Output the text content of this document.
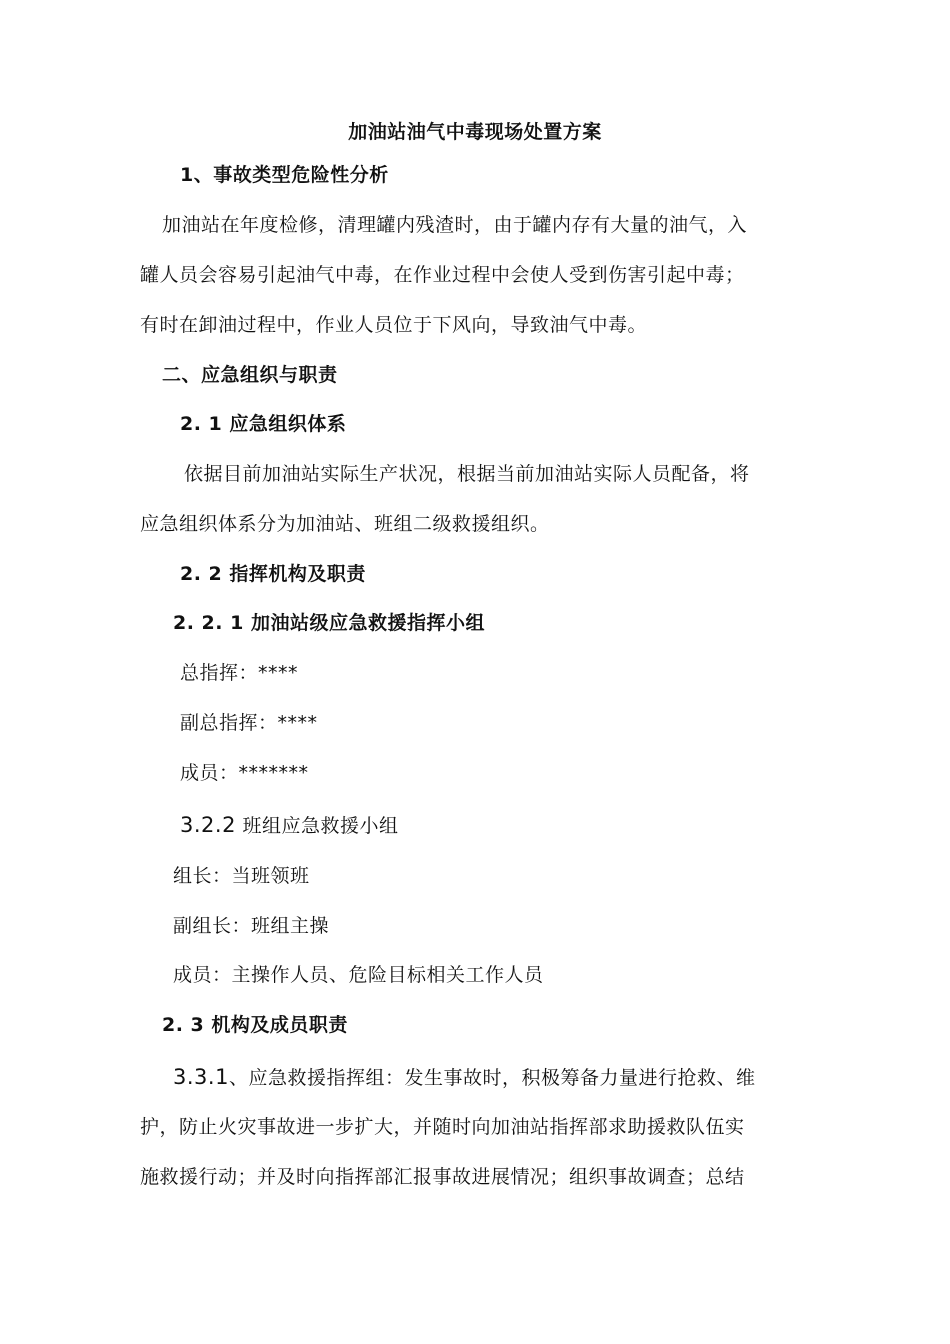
加油站油气中毒现场处置方案
1、事故类型危险性分析
加油站在年度检修，清理罐内残渣时，由于罐内存有大量的油气，入
罐人员会容易引起油气中毒，在作业过程中会使人受到伤害引起中毒；
有时在卸油过程中，作业人员位于下风向，导致油气中毒。
二、应急组织与职责
2. 1 应急组织体系
依据目前加油站实际生产状况，根据当前加油站实际人员配备，将
应急组织体系分为加油站、班组二级救援组织。
2. 2 指挥机构及职责
2. 2. 1 加油站级应急救援指挥小组
总指挥：****
副总指挥：****
成员：*******
3.2.2 班组应急救援小组
组长：当班领班
副组长：班组主操
成员：主操作人员、危险目标相关工作人员
2. 3 机构及成员职责
3.3.1、应急救援指挥组：发生事故时，积极筹备力量进行抢救、维
护，防止火灾事故进一步扩大，并随时向加油站指挥部求助援救队伍实
施救援行动；并及时向指挥部汇报事故进展情况；组织事故调查；总结
